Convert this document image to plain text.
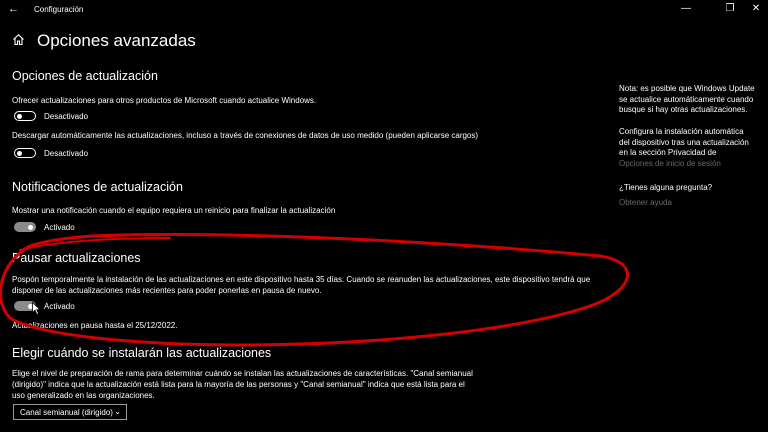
← Configuración	—	❐	✕
Opciones avanzadas
Opciones de actualización
Ofrecer actualizaciones para otros productos de Microsoft cuando actualice Windows.
Desactivado
Descargar automáticamente las actualizaciones, incluso a través de conexiones de datos de uso medido (pueden aplicarse cargos)
Desactivado
Notificaciones de actualización
Mostrar una notificación cuando el equipo requiera un reinicio para finalizar la actualización
Activado
Pausar actualizaciones
Pospón temporalmente la instalación de las actualizaciones en este dispositivo hasta 35 días. Cuando se reanuden las actualizaciones, este dispositivo tendrá que
disponer de las actualizaciones más recientes para poder ponerlas en pausa de nuevo.
Activado
Actualizaciones en pausa hasta el 25/12/2022.
Elegir cuándo se instalarán las actualizaciones
Elige el nivel de preparación de rama para determinar cuándo se instalan las actualizaciones de características. "Canal semianual
(dirigido)" indica que la actualización está lista para la mayoría de las personas y "Canal semianual" indica que está lista para el
uso generalizado en las organizaciones.
Canal semianual (dirigido) ⌄
Nota: es posible que Windows Update
se actualice automáticamente cuando
busque si hay otras actualizaciones.
Configura la instalación automática
del dispositivo tras una actualización
en la sección Privacidad de
Opciones de inicio de sesión
¿Tienes alguna pregunta?
Obtener ayuda
